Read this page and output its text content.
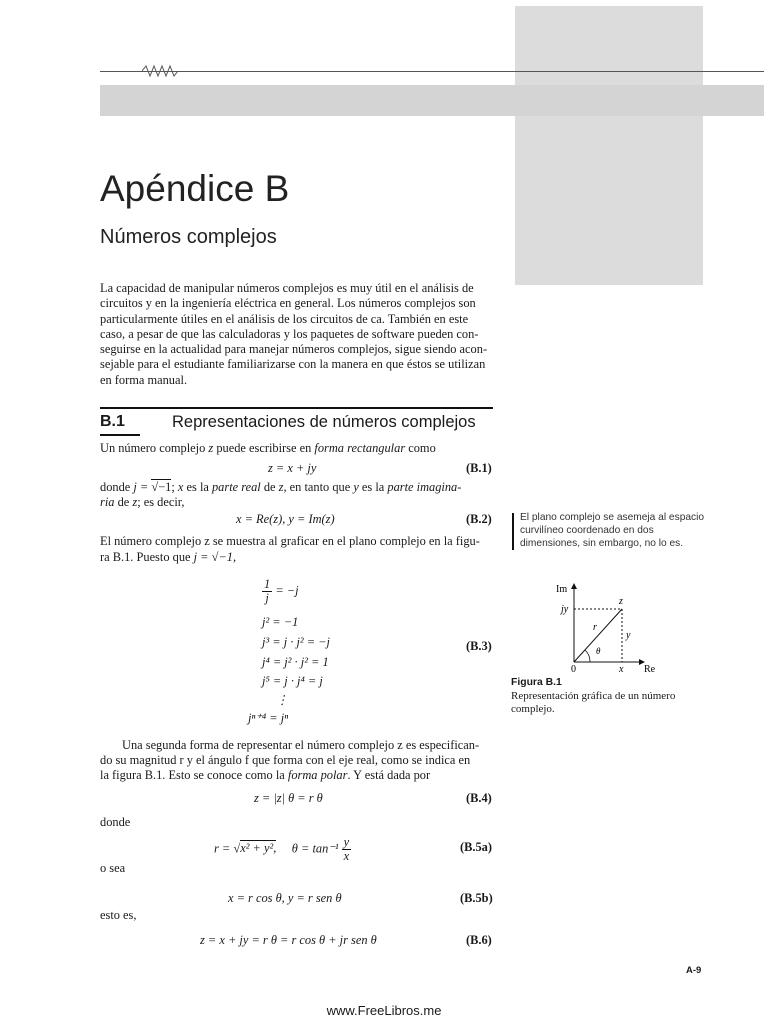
Apéndice B
Números complejos
La capacidad de manipular números complejos es muy útil en el análisis de
circuitos y en la ingeniería eléctrica en general. Los números complejos son
particularmente útiles en el análisis de los circuitos de ca. También en este
caso, a pesar de que las calculadoras y los paquetes de software pueden con-
seguirse en la actualidad para manejar números complejos, sigue siendo acon-
sejable para el estudiante familiarizarse con la manera en que éstos se utilizan
en forma manual.
B.1	Representaciones de números complejos
Un número complejo z puede escribirse en forma rectangular como
z = x + jy	(B.1)
donde j = √−1; x es la parte real de z, en tanto que y es la parte imagina-
ria de z; es decir,
x = Re(z), y = Im(z)	(B.2)
El número complejo z se muestra al graficar en el plano complejo en la figu-
ra B.1. Puesto que j = √−1,
$\frac{1}{j} = -j$
j² = −1
j³ = j · j² = −j
j⁴ = j² · j² = 1
j⁵ = j · j⁴ = j
⋮
jⁿ⁺⁴ = jⁿ
(B.3)
Una segunda forma de representar el número complejo z es especifican-
do su magnitud r y el ángulo f que forma con el eje real, como se indica en
la figura B.1. Esto se conoce como la forma polar. Y está dada por
z = |z| θ = r θ	(B.4)
donde
r = √x² + y², $\theta = \tan^{-1} \frac{y}{x}$	(B.5a)
o sea
x = r cos θ, y = r sen θ	(B.5b)
esto es,
z = x + jy = r θ = r cos θ + jr sen θ	(B.6)
El plano complejo se asemeja al espacio curvilíneo coordenado en dos dimensiones, sin embargo, no lo es.
Im
Re
jy
z
r
y
θ
0	x
Figura B.1
Representación gráfica de un número complejo.
A-9
www.FreeLibros.me
